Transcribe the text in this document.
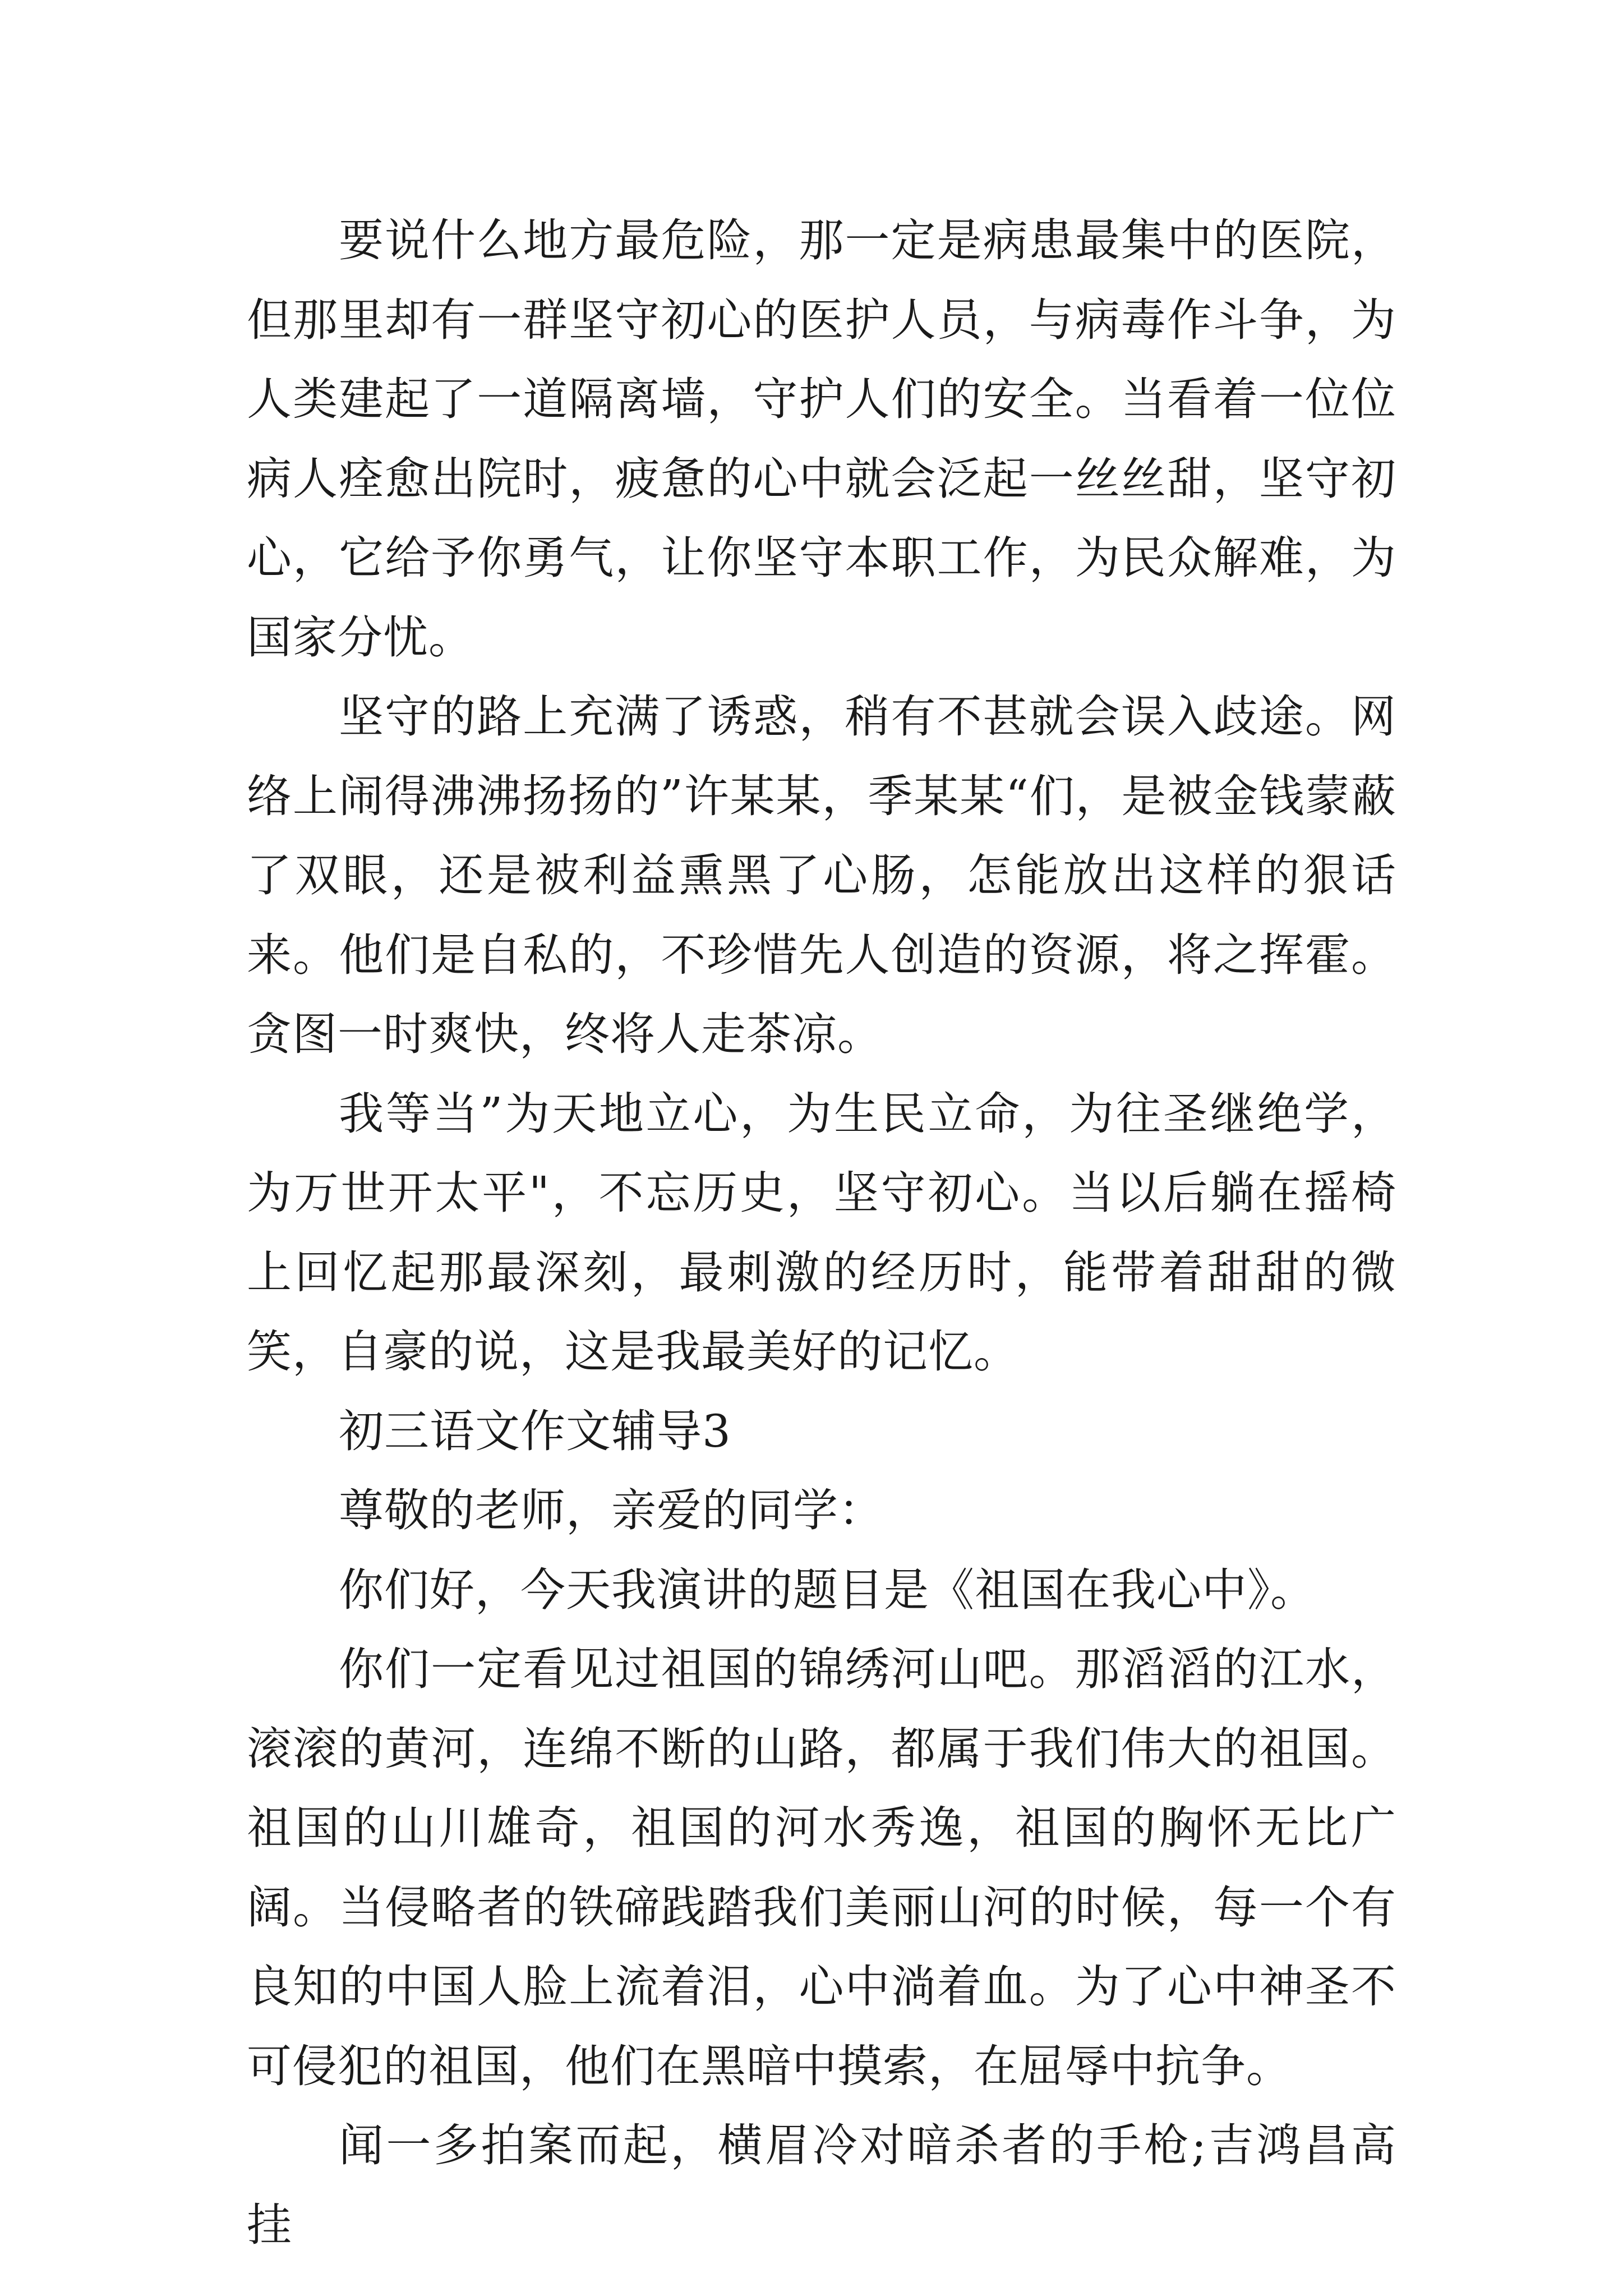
要说什么地方最危险，那一定是病患最集中的医院，但那里却有一群坚守初心的医护人员，与病毒作斗争，为人类建起了一道隔离墙，守护人们的安全。当看着一位位病人痊愈出院时，疲惫的心中就会泛起一丝丝甜，坚守初心，它给予你勇气，让你坚守本职工作，为民众解难，为国家分忧。

坚守的路上充满了诱惑，稍有不甚就会误入歧途。网络上闹得沸沸扬扬的”许某某，季某某“们，是被金钱蒙蔽了双眼，还是被利益熏黑了心肠，怎能放出这样的狠话来。他们是自私的，不珍惜先人创造的资源，将之挥霍。贪图一时爽快，终将人走茶凉。

我等当”为天地立心，为生民立命，为往圣继绝学，为万世开太平"，不忘历史，坚守初心。当以后躺在摇椅上回忆起那最深刻，最刺激的经历时，能带着甜甜的微笑，自豪的说，这是我最美好的记忆。

初三语文作文辅导3

尊敬的老师，亲爱的同学：

你们好，今天我演讲的题目是《祖国在我心中》。

你们一定看见过祖国的锦绣河山吧。那滔滔的江水，滚滚的黄河，连绵不断的山路，都属于我们伟大的祖国。祖国的山川雄奇，祖国的河水秀逸，祖国的胸怀无比广阔。当侵略者的铁碲践踏我们美丽山河的时候，每一个有良知的中国人脸上流着泪，心中淌着血。为了心中神圣不可侵犯的祖国，他们在黑暗中摸索，在屈辱中抗争。

闻一多拍案而起，横眉冷对暗杀者的手枪;吉鸿昌高挂
